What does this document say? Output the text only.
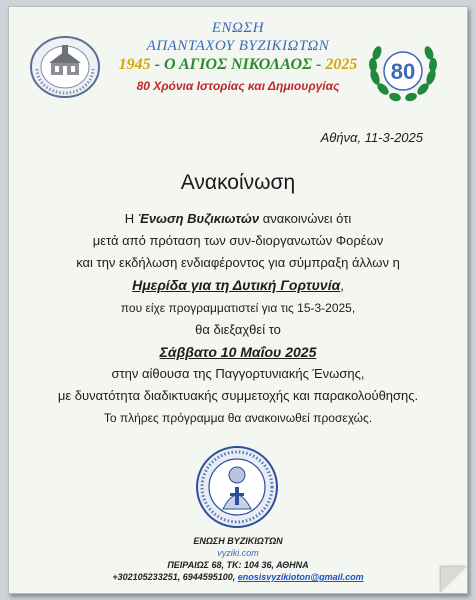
80
ΕΝΩΣΗ
ΑΠΑΝΤΑΧΟΥ ΒΥΖΙΚΙΩΤΩΝ
1945 - Ο ΑΓΙΟΣ ΝΙΚΟΛΑΟΣ - 2025
80 Χρόνια Ιστορίας και Δημιουργίας
Αθήνα, 11-3-2025
Ανακοίνωση
Η Ένωση Βυζικιωτών ανακοινώνει ότι
μετά από πρόταση των συν-διοργανωτών Φορέων
και την εκδήλωση ενδιαφέροντος για σύμπραξη άλλων η
Ημερίδα για τη Δυτική Γορτυνία,
που είχε προγραμματιστεί για τις 15-3-2025,
θα διεξαχθεί το
Σάββατο 10 Μαΐου 2025
στην αίθουσα της Παγγορτυνιακής Ένωσης,
με δυνατότητα διαδικτυακής συμμετοχής και παρακολούθησης.
Το πλήρες πρόγραμμα θα ανακοινωθεί προσεχώς.
ΕΝΩΣΗ ΒΥΖΙΚΙΩΤΩΝ
vyziki.com
ΠΕΙΡΑΙΩΣ 68, ΤΚ: 104 36, ΑΘΗΝΑ
+302105233251, 6944595100, enosisvyzikioton@gmail.com
